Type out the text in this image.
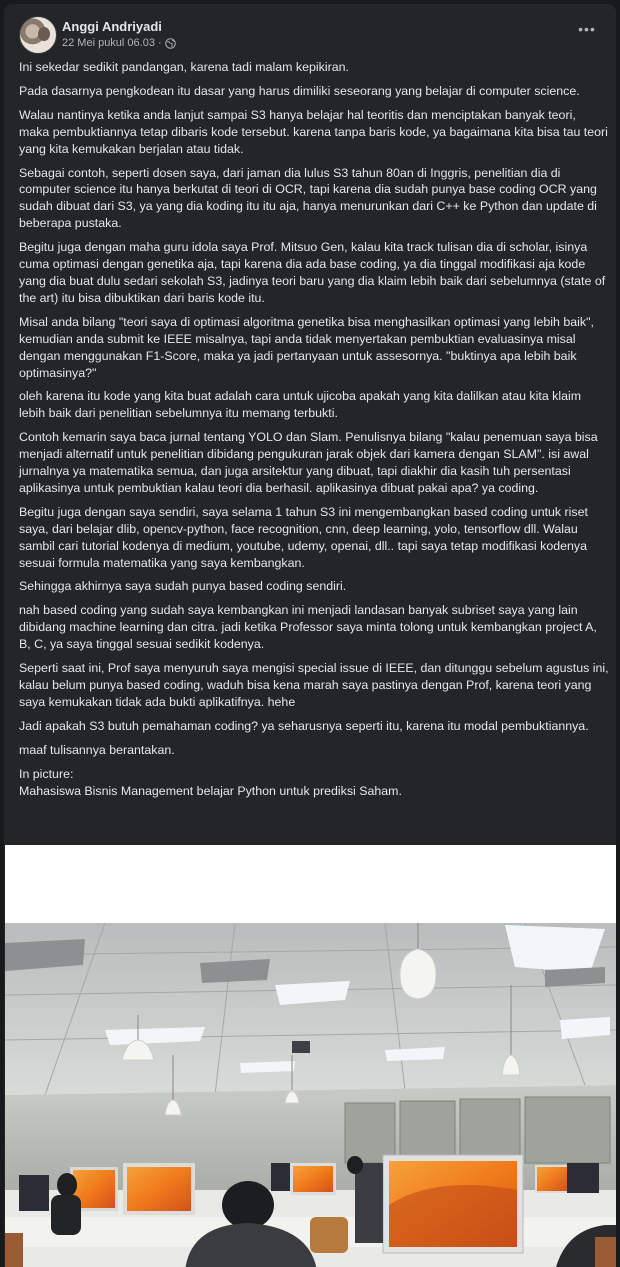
Anggi Andriyadi
22 Mei pukul 06.03 ·
•••

Ini sekedar sedikit pandangan, karena tadi malam kepikiran.

Pada dasarnya pengkodean itu dasar yang harus dimiliki seseorang yang belajar di computer science.

Walau nantinya ketika anda lanjut sampai S3 hanya belajar hal teoritis dan menciptakan banyak teori, maka pembuktiannya tetap dibaris kode tersebut. karena tanpa baris kode, ya bagaimana kita bisa tau teori yang kita kemukakan berjalan atau tidak.

Sebagai contoh, seperti dosen saya, dari jaman dia lulus S3 tahun 80an di Inggris, penelitian dia di computer science itu hanya berkutat di teori di OCR, tapi karena dia sudah punya base coding OCR yang sudah dibuat dari S3, ya yang dia koding itu itu aja, hanya menurunkan dari C++ ke Python dan update di beberapa pustaka.

Begitu juga dengan maha guru idola saya Prof. Mitsuo Gen, kalau kita track tulisan dia di scholar, isinya cuma optimasi dengan genetika aja, tapi karena dia ada base coding, ya dia tinggal modifikasi aja kode yang dia buat dulu sedari sekolah S3, jadinya teori baru yang dia klaim lebih baik dari sebelumnya (state of the art) itu bisa dibuktikan dari baris kode itu.

Misal anda bilang "teori saya di optimasi algoritma genetika bisa menghasilkan optimasi yang lebih baik", kemudian anda submit ke IEEE misalnya, tapi anda tidak menyertakan pembuktian evaluasinya misal dengan menggunakan F1-Score, maka ya jadi pertanyaan untuk assesornya. "buktinya apa lebih baik optimasinya?"

oleh karena itu kode yang kita buat adalah cara untuk ujicoba apakah yang kita dalilkan atau kita klaim lebih baik dari penelitian sebelumnya itu memang terbukti.

Contoh kemarin saya baca jurnal tentang YOLO dan Slam. Penulisnya bilang "kalau penemuan saya bisa menjadi alternatif untuk penelitian dibidang pengukuran jarak objek dari kamera dengan SLAM". isi awal jurnalnya ya matematika semua, dan juga arsitektur yang dibuat, tapi diakhir dia kasih tuh persentasi aplikasinya untuk pembuktian kalau teori dia berhasil. aplikasinya dibuat pakai apa? ya coding.

Begitu juga dengan saya sendiri, saya selama 1 tahun S3 ini mengembangkan based coding untuk riset saya, dari belajar dlib, opencv-python, face recognition, cnn, deep learning, yolo, tensorflow dll. Walau sambil cari tutorial kodenya di medium, youtube, udemy, openai, dll.. tapi saya tetap modifikasi kodenya sesuai formula matematika yang saya kembangkan.

Sehingga akhirnya saya sudah punya based coding sendiri.

nah based coding yang sudah saya kembangkan ini menjadi landasan banyak subriset saya yang lain dibidang machine learning dan citra. jadi ketika Professor saya minta tolong untuk kembangkan project A, B, C, ya saya tinggal sesuai sedikit kodenya.

Seperti saat ini, Prof saya menyuruh saya mengisi special issue di IEEE, dan ditunggu sebelum agustus ini, kalau belum punya based coding, waduh bisa kena marah saya pastinya dengan Prof, karena teori yang saya kemukakan tidak ada bukti aplikatifnya. hehe

Jadi apakah S3 butuh pemahaman coding? ya seharusnya seperti itu, karena itu modal pembuktiannya.

maaf tulisannya berantakan.

In picture:
Mahasiswa Bisnis Management belajar Python untuk prediksi Saham.
